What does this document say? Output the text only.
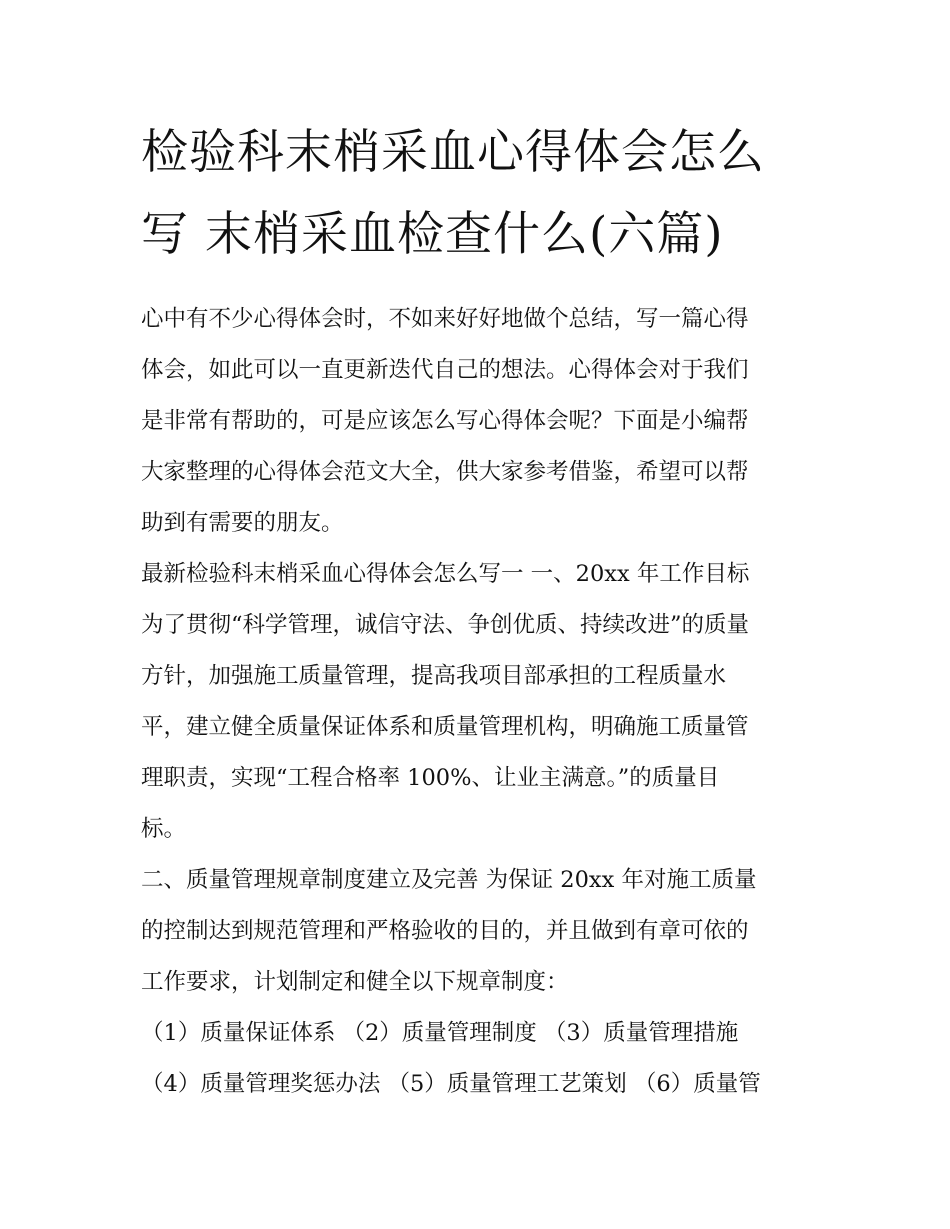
检验科末梢采血心得体会怎么
写 末梢采血检查什么(六篇)

心中有不少心得体会时，不如来好好地做个总结，写一篇心得
体会，如此可以一直更新迭代自己的想法。心得体会对于我们
是非常有帮助的，可是应该怎么写心得体会呢？下面是小编帮
大家整理的心得体会范文大全，供大家参考借鉴，希望可以帮
助到有需要的朋友。

最新检验科末梢采血心得体会怎么写一 一、20xx 年工作目标
为了贯彻“科学管理，诚信守法、争创优质、持续改进”的质量
方针，加强施工质量管理，提高我项目部承担的工程质量水
平，建立健全质量保证体系和质量管理机构，明确施工质量管
理职责，实现“工程合格率 100%、让业主满意。”的质量目
标。

二、质量管理规章制度建立及完善 为保证 20xx 年对施工质量
的控制达到规范管理和严格验收的目的，并且做到有章可依的
工作要求，计划制定和健全以下规章制度：

（1）质量保证体系 （2）质量管理制度 （3）质量管理措施
（4）质量管理奖惩办法 （5）质量管理工艺策划 （6）质量管
